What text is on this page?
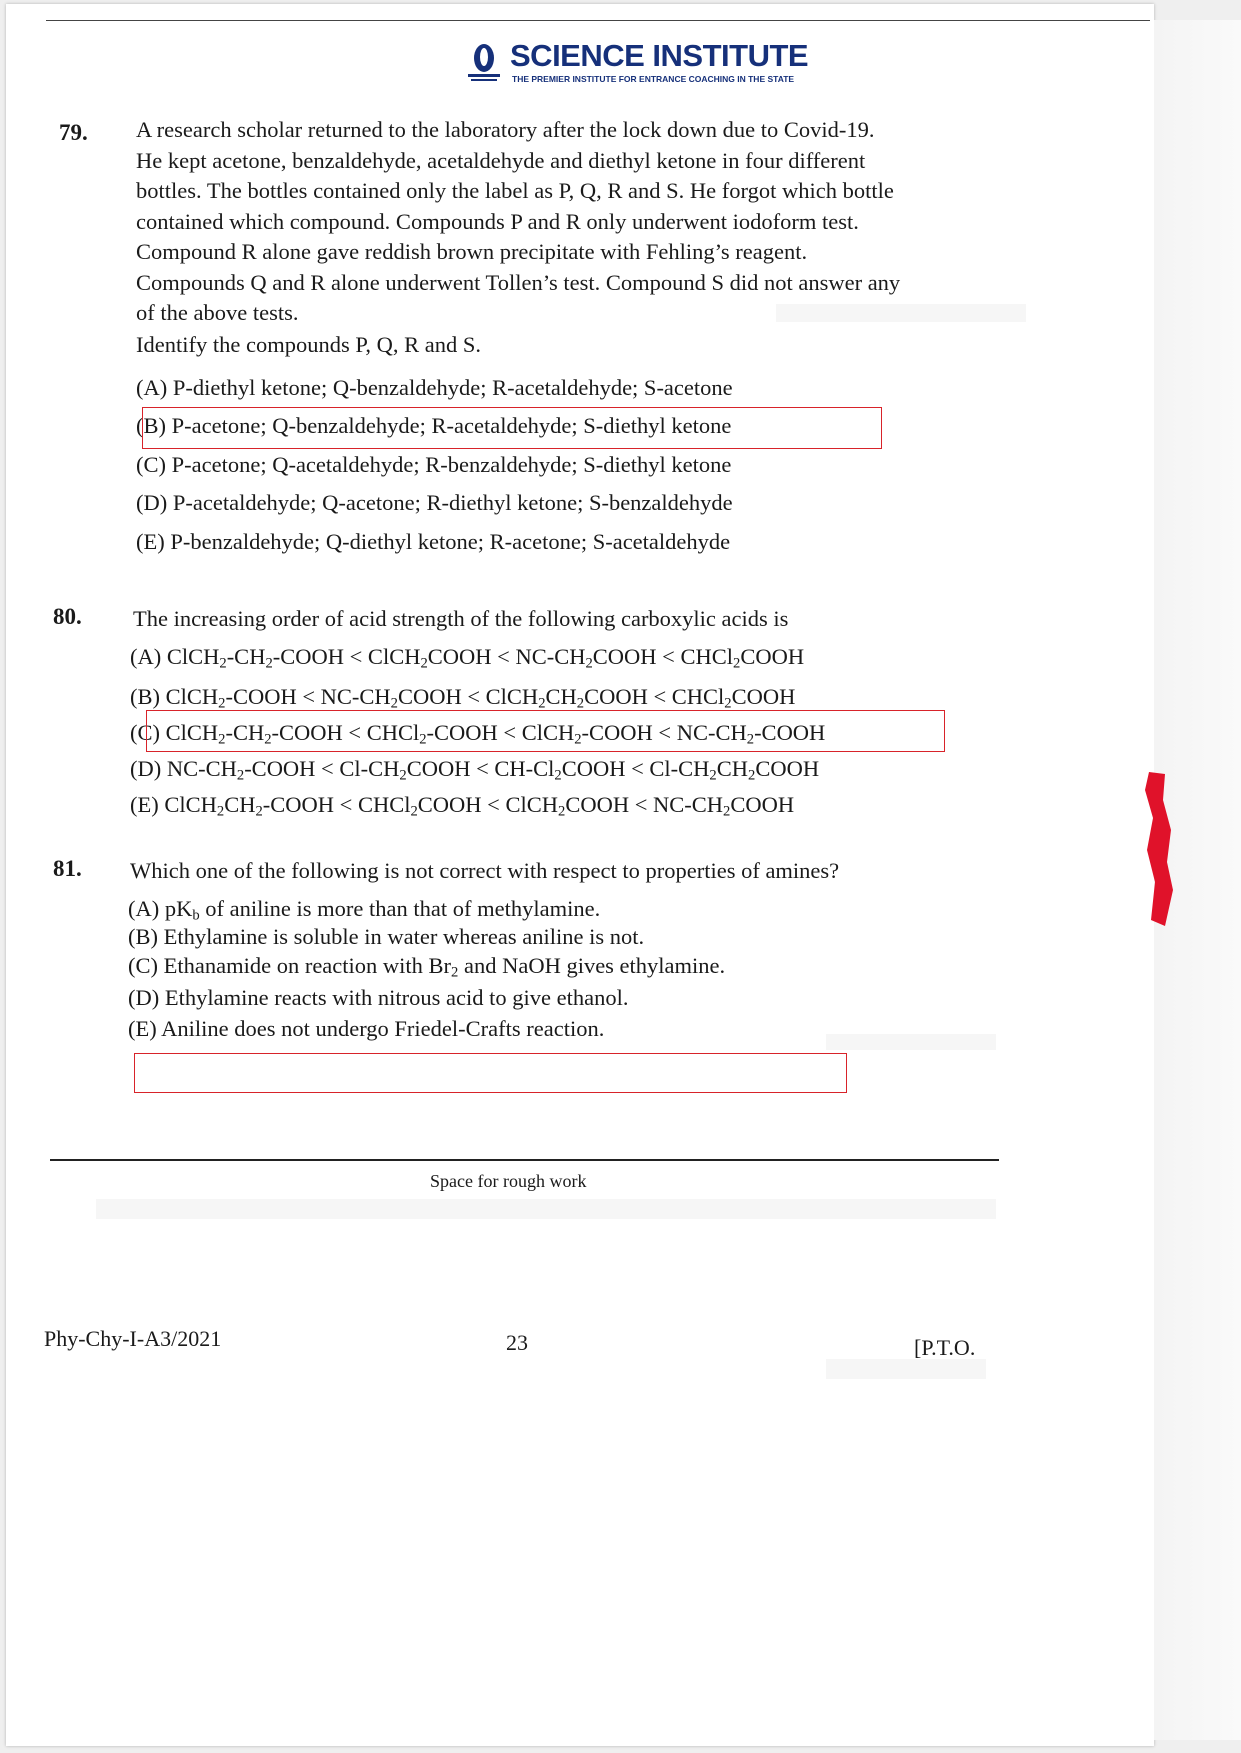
SCIENCE INSTITUTE
THE PREMIER INSTITUTE FOR ENTRANCE COACHING IN THE STATE
79. A research scholar returned to the laboratory after the lock down due to Covid-19.
He kept acetone, benzaldehyde, acetaldehyde and diethyl ketone in four different
bottles. The bottles contained only the label as P, Q, R and S. He forgot which bottle
contained which compound. Compounds P and R only underwent iodoform test.
Compound R alone gave reddish brown precipitate with Fehling’s reagent.
Compounds Q and R alone underwent Tollen’s test. Compound S did not answer any
of the above tests.
Identify the compounds P, Q, R and S.
(A) P-diethyl ketone; Q-benzaldehyde; R-acetaldehyde; S-acetone
(B) P-acetone; Q-benzaldehyde; R-acetaldehyde; S-diethyl ketone
(C) P-acetone; Q-acetaldehyde; R-benzaldehyde; S-diethyl ketone
(D) P-acetaldehyde; Q-acetone; R-diethyl ketone; S-benzaldehyde
(E) P-benzaldehyde; Q-diethyl ketone; R-acetone; S-acetaldehyde
80. The increasing order of acid strength of the following carboxylic acids is
(A) $ClCH_2-CH_2$-COOH < ClCH$_2$COOH < $NC-CH_2COOH$ < CHCl$_2$COOH
(B) ClCH$_2$-COOH < $NC-CH_2COOH$ < $ClCH_2CH_2COOH$ < CHCl$_2$COOH
(C) $ClCH_2-CH_2$-COOH < CHCl$_2$-COOH < ClCH$_2$-COOH < $NC-CH_2$-COOH
(D) $NC-CH_2$-COOH < $Cl-CH_2COOH$ < $CH-Cl_2COOH$ < $Cl-CH_2CH_2COOH$
(E) $ClCH_2CH_2$-COOH < CHCl$_2$COOH < ClCH$_2$COOH < $NC-CH_2COOH$
81. Which one of the following is not correct with respect to properties of amines?
(A) $pK_b$ of aniline is more than that of methylamine.
(B) Ethylamine is soluble in water whereas aniline is not.
(C) Ethanamide on reaction with $Br_2$ and NaOH gives ethylamine.
(D) Ethylamine reacts with nitrous acid to give ethanol.
(E) Aniline does not undergo Friedel-Crafts reaction.
Space for rough work
Phy-Chy-I-A3/2021	23	[P.T.O.
